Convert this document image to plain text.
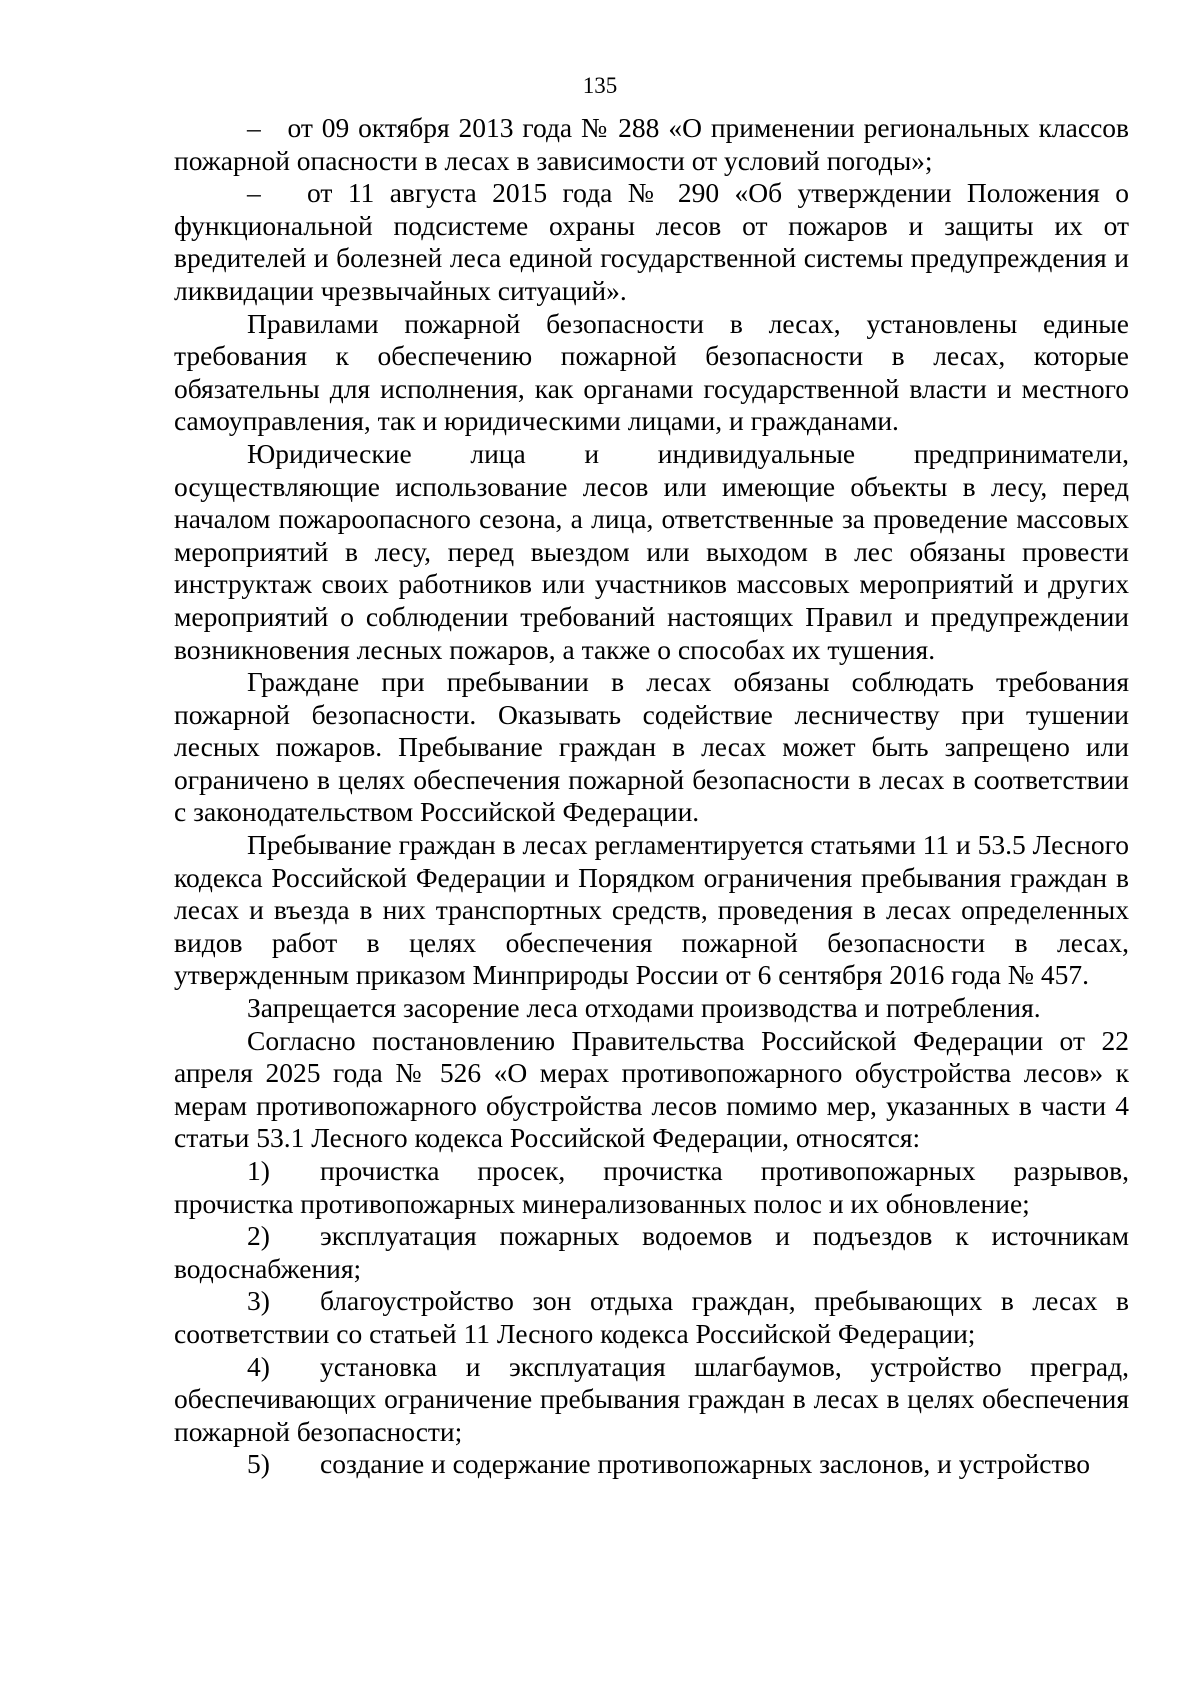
135

– от 09 октября 2013 года № 288 «О применении региональных классов пожарной опасности в лесах в зависимости от условий погоды»;

– от 11 августа 2015 года № 290 «Об утверждении Положения о функциональной подсистеме охраны лесов от пожаров и защиты их от вредителей и болезней леса единой государственной системы предупреждения и ликвидации чрезвычайных ситуаций».

Правилами пожарной безопасности в лесах, установлены единые требования к обеспечению пожарной безопасности в лесах, которые обязательны для исполнения, как органами государственной власти и местного самоуправления, так и юридическими лицами, и гражданами.

Юридические лица и индивидуальные предприниматели, осуществляющие использование лесов или имеющие объекты в лесу, перед началом пожароопасного сезона, а лица, ответственные за проведение массовых мероприятий в лесу, перед выездом или выходом в лес обязаны провести инструктаж своих работников или участников массовых мероприятий и других мероприятий о соблюдении требований настоящих Правил и предупреждении возникновения лесных пожаров, а также о способах их тушения.

Граждане при пребывании в лесах обязаны соблюдать требования пожарной безопасности. Оказывать содействие лесничеству при тушении лесных пожаров. Пребывание граждан в лесах может быть запрещено или ограничено в целях обеспечения пожарной безопасности в лесах в соответствии с законодательством Российской Федерации.

Пребывание граждан в лесах регламентируется статьями 11 и 53.5 Лесного кодекса Российской Федерации и Порядком ограничения пребывания граждан в лесах и въезда в них транспортных средств, проведения в лесах определенных видов работ в целях обеспечения пожарной безопасности в лесах, утвержденным приказом Минприроды России от 6 сентября 2016 года № 457.

Запрещается засорение леса отходами производства и потребления.

Согласно постановлению Правительства Российской Федерации от 22 апреля 2025 года № 526 «О мерах противопожарного обустройства лесов» к мерам противопожарного обустройства лесов помимо мер, указанных в части 4 статьи 53.1 Лесного кодекса Российской Федерации, относятся:

1) прочистка просек, прочистка противопожарных разрывов, прочистка противопожарных минерализованных полос и их обновление;

2) эксплуатация пожарных водоемов и подъездов к источникам водоснабжения;

3) благоустройство зон отдыха граждан, пребывающих в лесах в соответствии со статьей 11 Лесного кодекса Российской Федерации;

4) установка и эксплуатация шлагбаумов, устройство преград, обеспечивающих ограничение пребывания граждан в лесах в целях обеспечения пожарной безопасности;

5) создание и содержание противопожарных заслонов, и устройство
